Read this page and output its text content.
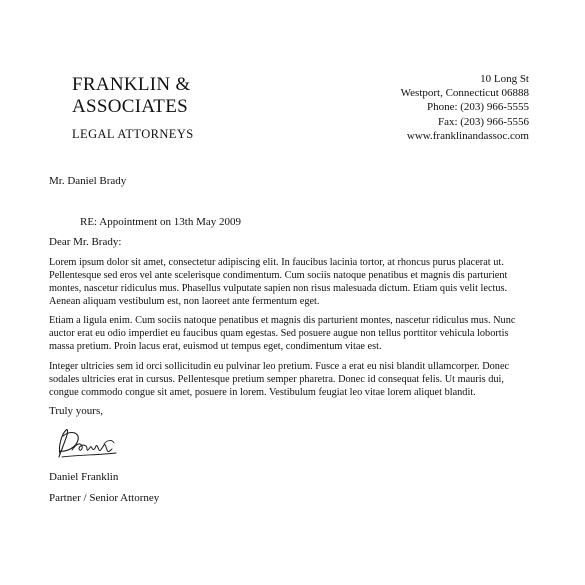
FRANKLIN &
ASSOCIATES
LEGAL ATTORNEYS
10 Long St
Westport, Connecticut 06888
Phone: (203) 966-5555
Fax: (203) 966-5556
www.franklinandassoc.com
Mr. Daniel Brady
RE: Appointment on 13th May 2009
Dear Mr. Brady:
Lorem ipsum dolor sit amet, consectetur adipiscing elit. In faucibus lacinia tortor, at rhoncus purus placerat ut. Pellentesque sed eros vel ante scelerisque condimentum. Cum sociis natoque penatibus et magnis dis parturient montes, nascetur ridiculus mus. Phasellus vulputate sapien non risus malesuada dictum. Etiam quis velit lectus. Aenean aliquam vestibulum est, non laoreet ante fermentum eget.
Etiam a ligula enim. Cum sociis natoque penatibus et magnis dis parturient montes, nascetur ridiculus mus. Nunc auctor erat eu odio imperdiet eu faucibus quam egestas. Sed posuere augue non tellus porttitor vehicula lobortis massa pretium. Proin lacus erat, euismod ut tempus eget, condimentum vitae est.
Integer ultricies sem id orci sollicitudin eu pulvinar leo pretium. Fusce a erat eu nisi blandit ullamcorper. Donec sodales ultricies erat in cursus. Pellentesque pretium semper pharetra. Donec id consequat felis. Ut mauris dui, congue commodo congue sit amet, posuere in lorem. Vestibulum feugiat leo vitae lorem aliquet blandit.
Truly yours,
Daniel Franklin
Partner / Senior Attorney
